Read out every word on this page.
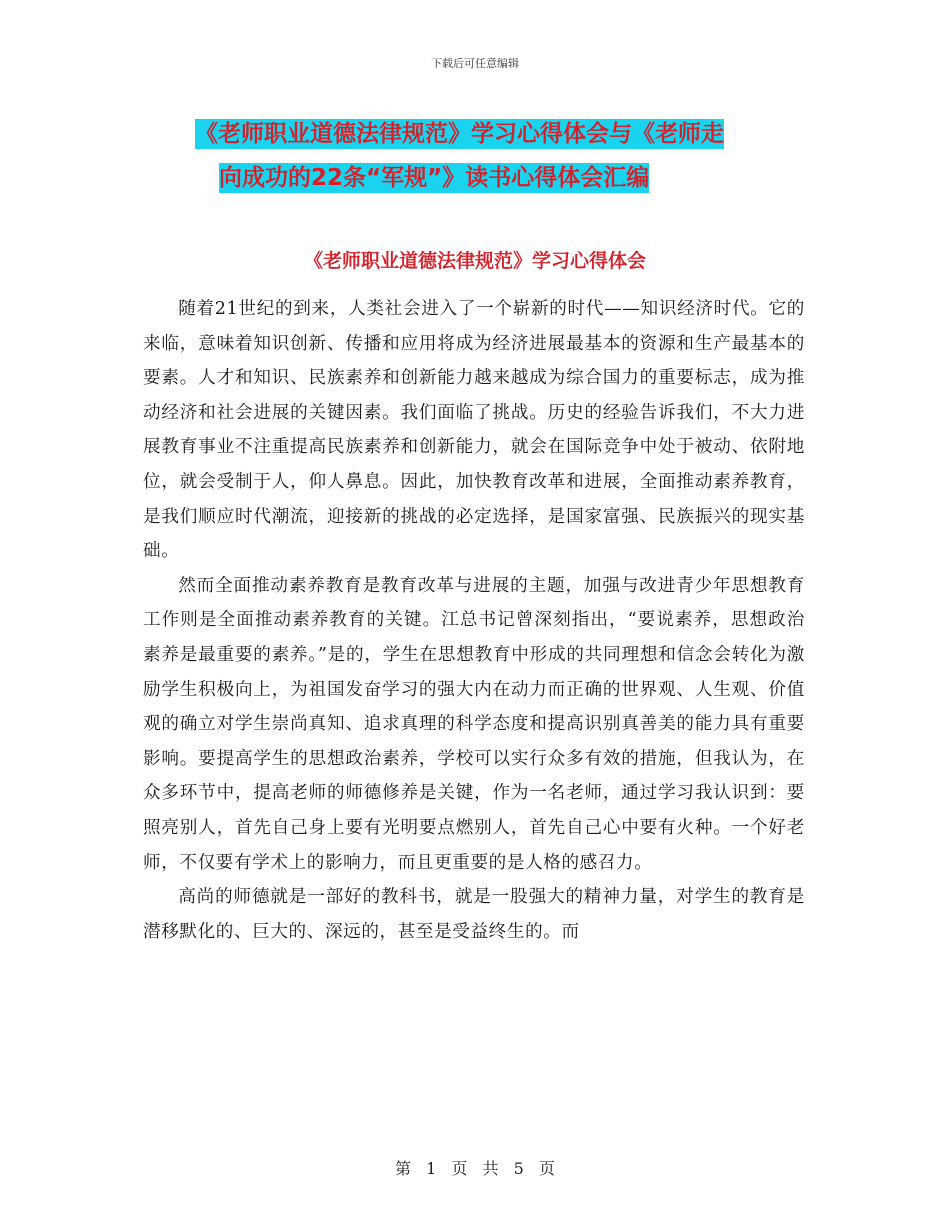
下载后可任意编辑
《老师职业道德法律规范》学习心得体会与《老师走
向成功的22条“军规”》读书心得体会汇编
《老师职业道德法律规范》学习心得体会

随着21世纪的到来，人类社会进入了一个崭新的时代——知识经济时代。它的来临，意味着知识创新、传播和应用将成为经济进展最基本的资源和生产最基本的要素。人才和知识、民族素养和创新能力越来越成为综合国力的重要标志，成为推动经济和社会进展的关键因素。我们面临了挑战。历史的经验告诉我们，不大力进展教育事业不注重提高民族素养和创新能力，就会在国际竞争中处于被动、依附地位，就会受制于人，仰人鼻息。因此，加快教育改革和进展，全面推动素养教育，是我们顺应时代潮流，迎接新的挑战的必定选择，是国家富强、民族振兴的现实基础。

然而全面推动素养教育是教育改革与进展的主题，加强与改进青少年思想教育工作则是全面推动素养教育的关键。江总书记曾深刻指出，“要说素养，思想政治素养是最重要的素养。”是的，学生在思想教育中形成的共同理想和信念会转化为激励学生积极向上，为祖国发奋学习的强大内在动力而正确的世界观、人生观、价值观的确立对学生崇尚真知、追求真理的科学态度和提高识别真善美的能力具有重要影响。要提高学生的思想政治素养，学校可以实行众多有效的措施，但我认为，在众多环节中，提高老师的师德修养是关键，作为一名老师，通过学习我认识到：要照亮别人，首先自己身上要有光明要点燃别人，首先自己心中要有火种。一个好老师，不仅要有学术上的影响力，而且更重要的是人格的感召力。

高尚的师德就是一部好的教科书，就是一股强大的精神力量，对学生的教育是潜移默化的、巨大的、深远的，甚至是受益终生的。而

第 1 页 共 5 页
